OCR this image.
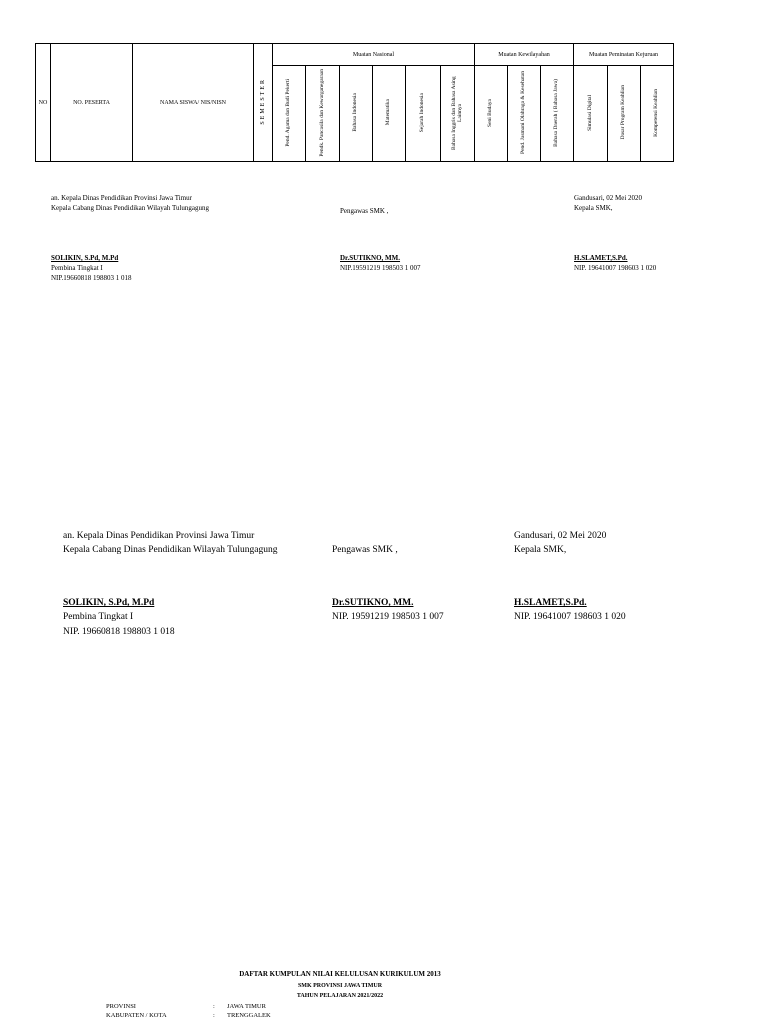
NO	NO. PESERTA	NAMA SISWA/ NIS/NISN	SEMESTER	Muatan Nasional						Muatan Kewilayahan			Muatan Peminatan Kejuruan		
				Pend. Agama dan Budi Pekerti	Pendk. Pancasila dan Kewarganegaraan	Bahasa Indonesia	Matematika	Sejarah Indonesia	Bahasa Inggris dan Bahasa Asing Lainnya	Seni Budaya	Pend. Jasmani Olahraga & Kesehatan	Bahasa Daerah ( Bahasa Jawa)	Simulasi Digital	Dasar Program Keahlian	Kompetensi Keahlian
an. Kepala Dinas Pendidikan Provinsi Jawa Timur
Kepala Cabang Dinas Pendidikan Wilayah Tulungagung	Pengawas SMK ,
Gandusari, 02 Mei 2020
Kepala SMK,
SOLIKIN, S.Pd, M.Pd
Pembina Tingkat I
NIP.19660818 198803 1 018
Dr.SUTIKNO, MM.
NIP.19591219 198503 1 007
H.SLAMET,S.Pd.
NIP. 19641007 198603 1 020
an. Kepala Dinas Pendidikan Provinsi Jawa Timur
Kepala Cabang Dinas Pendidikan Wilayah Tulungagung	Pengawas SMK ,
Gandusari, 02 Mei 2020
Kepala SMK,
SOLIKIN, S.Pd, M.Pd
Pembina Tingkat I
NIP. 19660818 198803 1 018
Dr.SUTIKNO, MM.
NIP. 19591219 198503 1 007
H.SLAMET,S.Pd.
NIP. 19641007 198603 1 020
DAFTAR KUMPULAN NILAI KELULUSAN KURIKULUM 2013
SMK PROVINSI JAWA TIMUR
TAHUN PELAJARAN 2021/2022
PROVINSI	: JAWA TIMUR
KABUPATEN / KOTA	: TRENGGALEK
